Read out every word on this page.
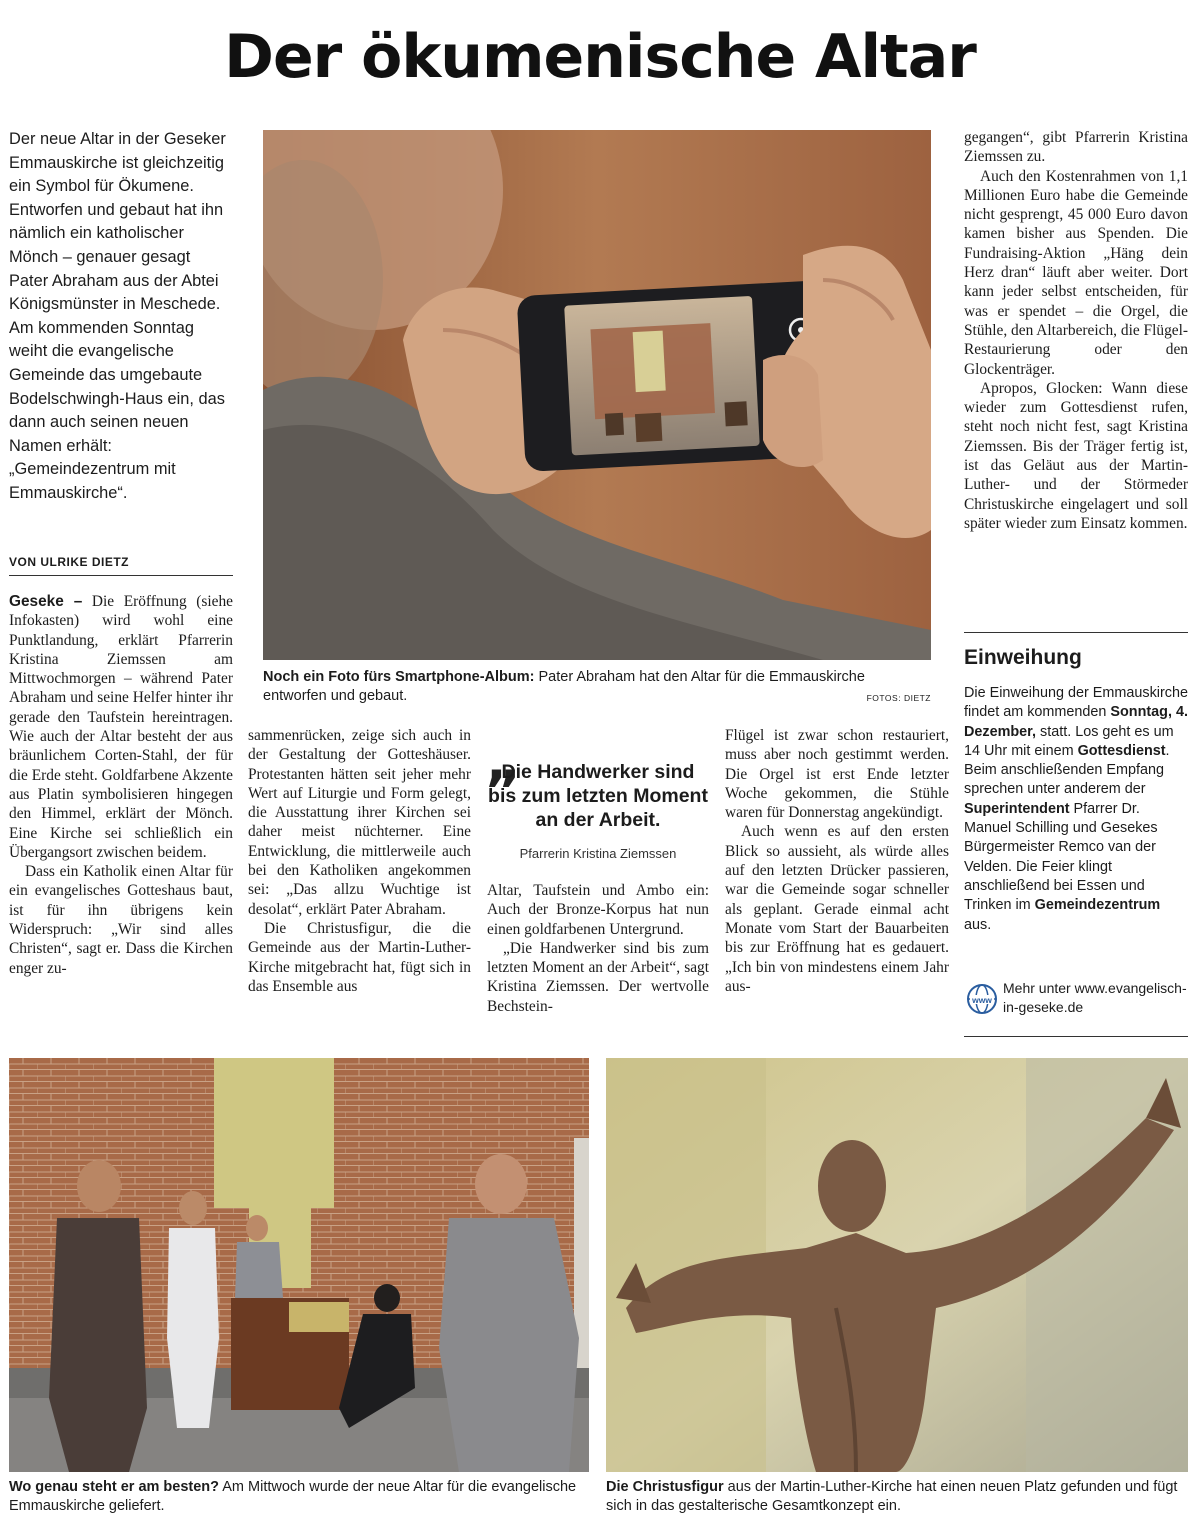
Der ökumenische Altar
Der neue Altar in der Geseker Emmauskirche ist gleichzeitig ein Symbol für Ökumene. Entworfen und gebaut hat ihn nämlich ein katholischer Mönch – genauer gesagt Pater Abraham aus der Abtei Königsmünster in Meschede. Am kommenden Sonntag weiht die evangelische Gemeinde das umgebaute Bodelschwingh-Haus ein, das dann auch seinen neuen Namen erhält: „Gemeindezentrum mit Emmauskirche“.
VON ULRIKE DIETZ
Noch ein Foto fürs Smartphone-Album: Pater Abraham hat den Altar für die Emmauskirche entworfen und gebaut.	FOTOS: DIETZ

Geseke – Die Eröffnung (siehe Infokasten) wird wohl eine Punktlandung, erklärt Pfarrerin Kristina Ziemssen am Mittwochmorgen – während Pater Abraham und seine Helfer hinter ihr gerade den Taufstein hereintragen. Wie auch der Altar besteht der aus bräunlichem Corten-Stahl, der für die Erde steht. Goldfarbene Akzente aus Platin symbolisieren hingegen den Himmel, erklärt der Mönch. Eine Kirche sei schließlich ein Übergangsort zwischen beidem.

Dass ein Katholik einen Altar für ein evangelisches Gotteshaus baut, ist für ihn übrigens kein Widerspruch: „Wir sind alles Christen“, sagt er. Dass die Kirchen enger zu-

sammenrücken, zeige sich auch in der Gestaltung der Gotteshäuser. Protestanten hätten seit jeher mehr Wert auf Liturgie und Form gelegt, die Ausstattung ihrer Kirchen sei daher meist nüchterner. Eine Entwicklung, die mittlerweile auch bei den Katholiken angekommen sei: „Das allzu Wuchtige ist desolat“, erklärt Pater Abraham.

Die Christusfigur, die die Gemeinde aus der Martin-Luther-Kirche mitgebracht hat, fügt sich in das Ensemble aus

„
Die Handwerker sind bis zum letzten Moment an der Arbeit.
Pfarrerin Kristina Ziemssen

Altar, Taufstein und Ambo ein: Auch der Bronze-Korpus hat nun einen goldfarbenen Untergrund.

„Die Handwerker sind bis zum letzten Moment an der Arbeit“, sagt Kristina Ziemssen. Der wertvolle Bechstein-

Flügel ist zwar schon restauriert, muss aber noch gestimmt werden. Die Orgel ist erst Ende letzter Woche gekommen, die Stühle waren für Donnerstag angekündigt.

Auch wenn es auf den ersten Blick so aussieht, als würde alles auf den letzten Drücker passieren, war die Gemeinde sogar schneller als geplant. Gerade einmal acht Monate vom Start der Bauarbeiten bis zur Eröffnung hat es gedauert. „Ich bin von mindestens einem Jahr aus-

gegangen“, gibt Pfarrerin Kristina Ziemssen zu.

Auch den Kostenrahmen von 1,1 Millionen Euro habe die Gemeinde nicht gesprengt, 45 000 Euro davon kamen bisher aus Spenden. Die Fundraising-Aktion „Häng dein Herz dran“ läuft aber weiter. Dort kann jeder selbst entscheiden, für was er spendet – die Orgel, die Stühle, den Altarbereich, die Flügel-Restaurierung oder den Glockenträger.

Apropos, Glocken: Wann diese wieder zum Gottesdienst rufen, steht noch nicht fest, sagt Kristina Ziemssen. Bis der Träger fertig ist, ist das Geläut aus der Martin-Luther- und der Störmeder Christuskirche eingelagert und soll später wieder zum Einsatz kommen.

Einweihung
Die Einweihung der Emmauskirche findet am kommenden Sonntag, 4. Dezember, statt. Los geht es um 14 Uhr mit einem Gottesdienst. Beim anschließenden Empfang sprechen unter anderem der Superintendent Pfarrer Dr. Manuel Schilling und Gesekes Bürgermeister Remco van der Velden. Die Feier klingt anschließend bei Essen und Trinken im Gemeindezentrum aus.
www
Mehr unter www.evangelisch-in-geseke.de
Wo genau steht er am besten? Am Mittwoch wurde der neue Altar für die evangelische Emmauskirche geliefert.
Die Christusfigur aus der Martin-Luther-Kirche hat einen neuen Platz gefunden und fügt sich in das gestalterische Gesamtkonzept ein.
